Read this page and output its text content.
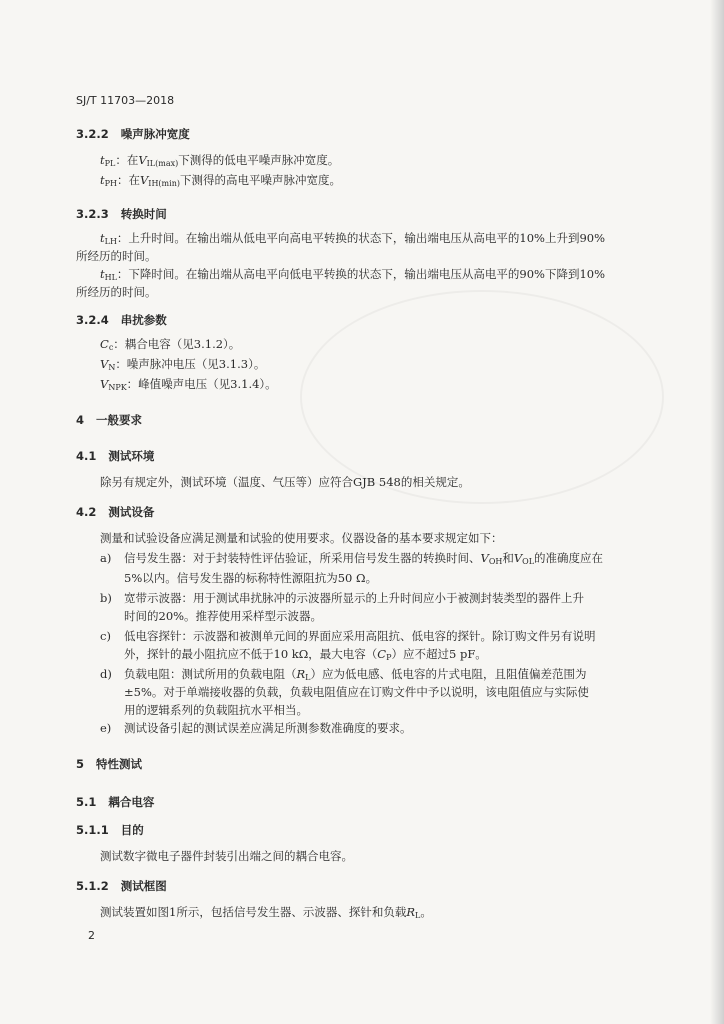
SJ/T 11703—2018
3.2.2 噪声脉冲宽度
$t_{PL}$：在$V_{IL(max)}$下测得的低电平噪声脉冲宽度。
$t_{PH}$：在$V_{IH(min)}$下测得的高电平噪声脉冲宽度。
3.2.3 转换时间
$t_{LH}$：上升时间。在输出端从低电平向高电平转换的状态下，输出端电压从高电平的10%上升到90%
所经历的时间。
$t_{HL}$：下降时间。在输出端从高电平向低电平转换的状态下，输出端电压从高电平的90%下降到10%
所经历的时间。
3.2.4 串扰参数
$C_c$：耦合电容（见3.1.2）。
$V_N$：噪声脉冲电压（见3.1.3）。
$V_{NPK}$：峰值噪声电压（见3.1.4）。
4 一般要求
4.1 测试环境
除另有规定外，测试环境（温度、气压等）应符合GJB 548的相关规定。
4.2 测试设备
测量和试验设备应满足测量和试验的使用要求。仪器设备的基本要求规定如下：
a) 信号发生器：对于封装特性评估验证，所采用信号发生器的转换时间、$V_{OH}$和$V_{OL}$的准确度应在
5%以内。信号发生器的标称特性源阻抗为50 Ω。
b) 宽带示波器：用于测试串扰脉冲的示波器所显示的上升时间应小于被测封装类型的器件上升
时间的20%。推荐使用采样型示波器。
c) 低电容探针：示波器和被测单元间的界面应采用高阻抗、低电容的探针。除订购文件另有说明
外，探针的最小阻抗应不低于10 kΩ，最大电容$(C_P)$应不超过5 pF。
d) 负载电阻：测试所用的负载电阻$(R_L)$应为低电感、低电容的片式电阻，且阻值偏差范围为
±5%。对于单端接收器的负载，负载电阻值应在订购文件中予以说明，该电阻值应与实际使
用的逻辑系列的负载阻抗水平相当。
e) 测试设备引起的测试误差应满足所测参数准确度的要求。
5 特性测试
5.1 耦合电容
5.1.1 目的
测试数字微电子器件封装引出端之间的耦合电容。
5.1.2 测试框图
测试装置如图1所示，包括信号发生器、示波器、探针和负载$R_L$。
2
